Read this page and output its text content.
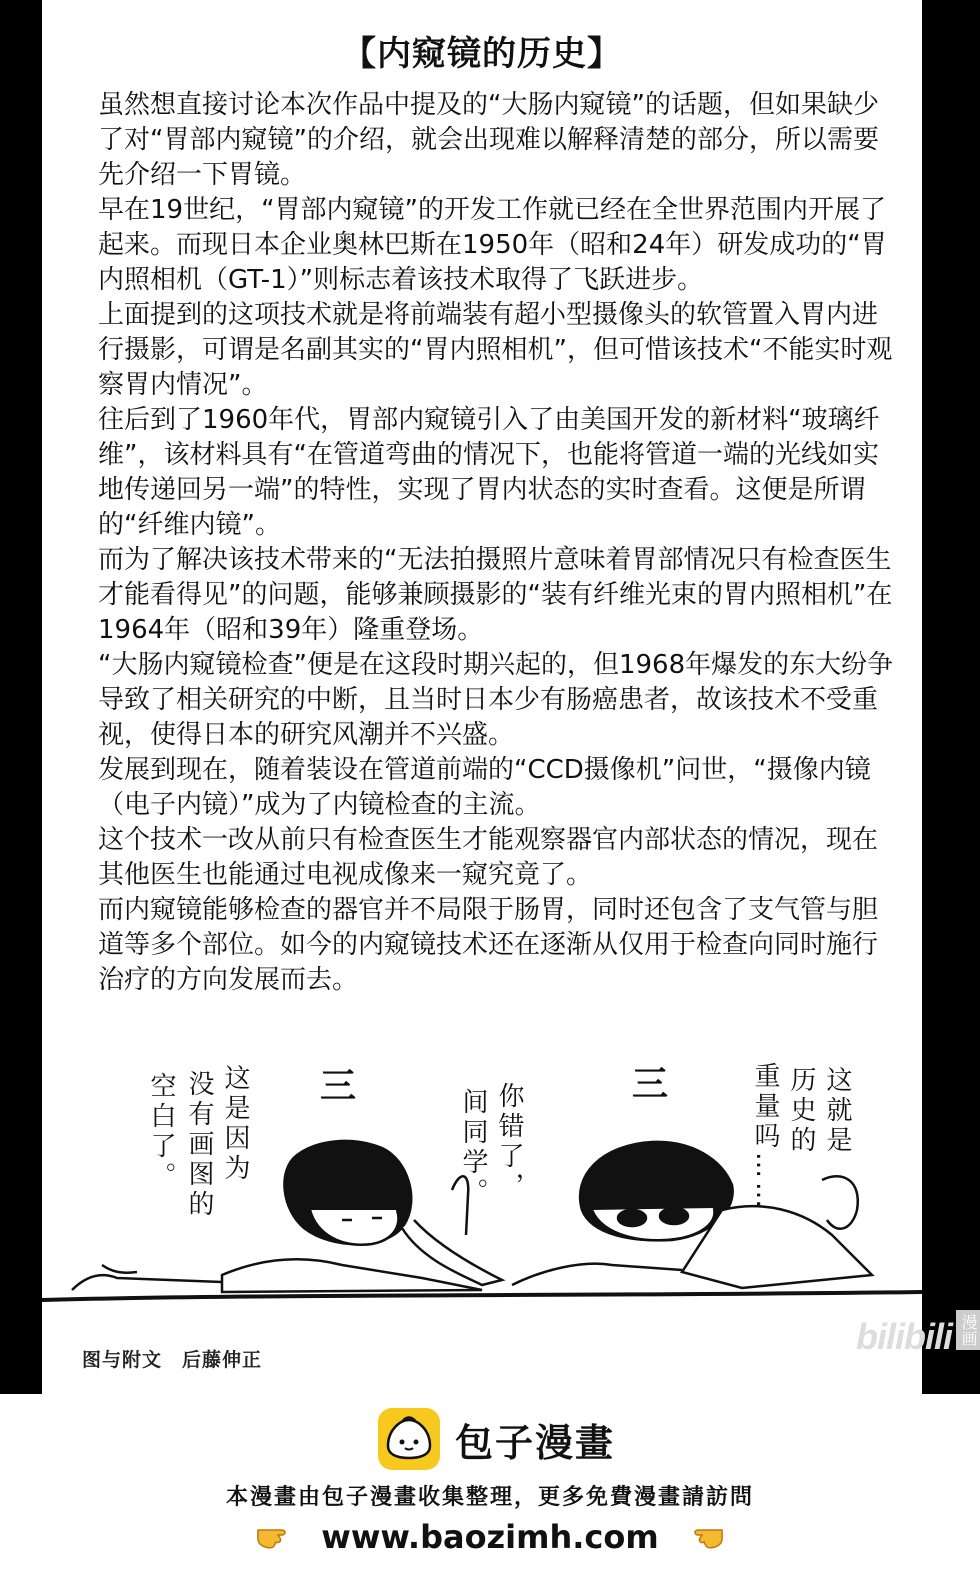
【内窥镜的历史】

虽然想直接讨论本次作品中提及的“大肠内窥镜”的话题，但如果缺少了对“胃部内窥镜”的介绍，就会出现难以解释清楚的部分，所以需要先介绍一下胃镜。

早在19世纪，“胃部内窥镜”的开发工作就已经在全世界范围内开展了起来。而现日本企业奥林巴斯在1950年（昭和24年）研发成功的“胃内照相机（GT-1）”则标志着该技术取得了飞跃进步。

上面提到的这项技术就是将前端装有超小型摄像头的软管置入胃内进行摄影，可谓是名副其实的“胃内照相机”，但可惜该技术“不能实时观察胃内情况”。

往后到了1960年代，胃部内窥镜引入了由美国开发的新材料“玻璃纤维”，该材料具有“在管道弯曲的情况下，也能将管道一端的光线如实地传递回另一端”的特性，实现了胃内状态的实时查看。这便是所谓的“纤维内镜”。

而为了解决该技术带来的“无法拍摄照片意味着胃部情况只有检查医生才能看得见”的问题，能够兼顾摄影的“装有纤维光束的胃内照相机”在1964年（昭和39年）隆重登场。

“大肠内窥镜检查”便是在这段时期兴起的，但1968年爆发的东大纷争导致了相关研究的中断，且当时日本少有肠癌患者，故该技术不受重视，使得日本的研究风潮并不兴盛。

发展到现在，随着装设在管道前端的“CCD摄像机”问世，“摄像内镜（电子内镜）”成为了内镜检查的主流。

这个技术一改从前只有检查医生才能观察器官内部状态的情况，现在其他医生也能通过电视成像来一窥究竟了。

而内窥镜能够检查的器官并不局限于肠胃，同时还包含了支气管与胆道等多个部位。如今的内窥镜技术还在逐渐从仅用于检查向同时施行治疗的方向发展而去。

这是因为
没有画图的
空白了。	你错了，
间同学。	这就是
历史的
重量吗……
三	三
图与附文　后藤伸正
bilibili 漫画
包子漫畫
本漫畫由包子漫畫收集整理，更多免費漫畫請訪問
www.baozimh.com
